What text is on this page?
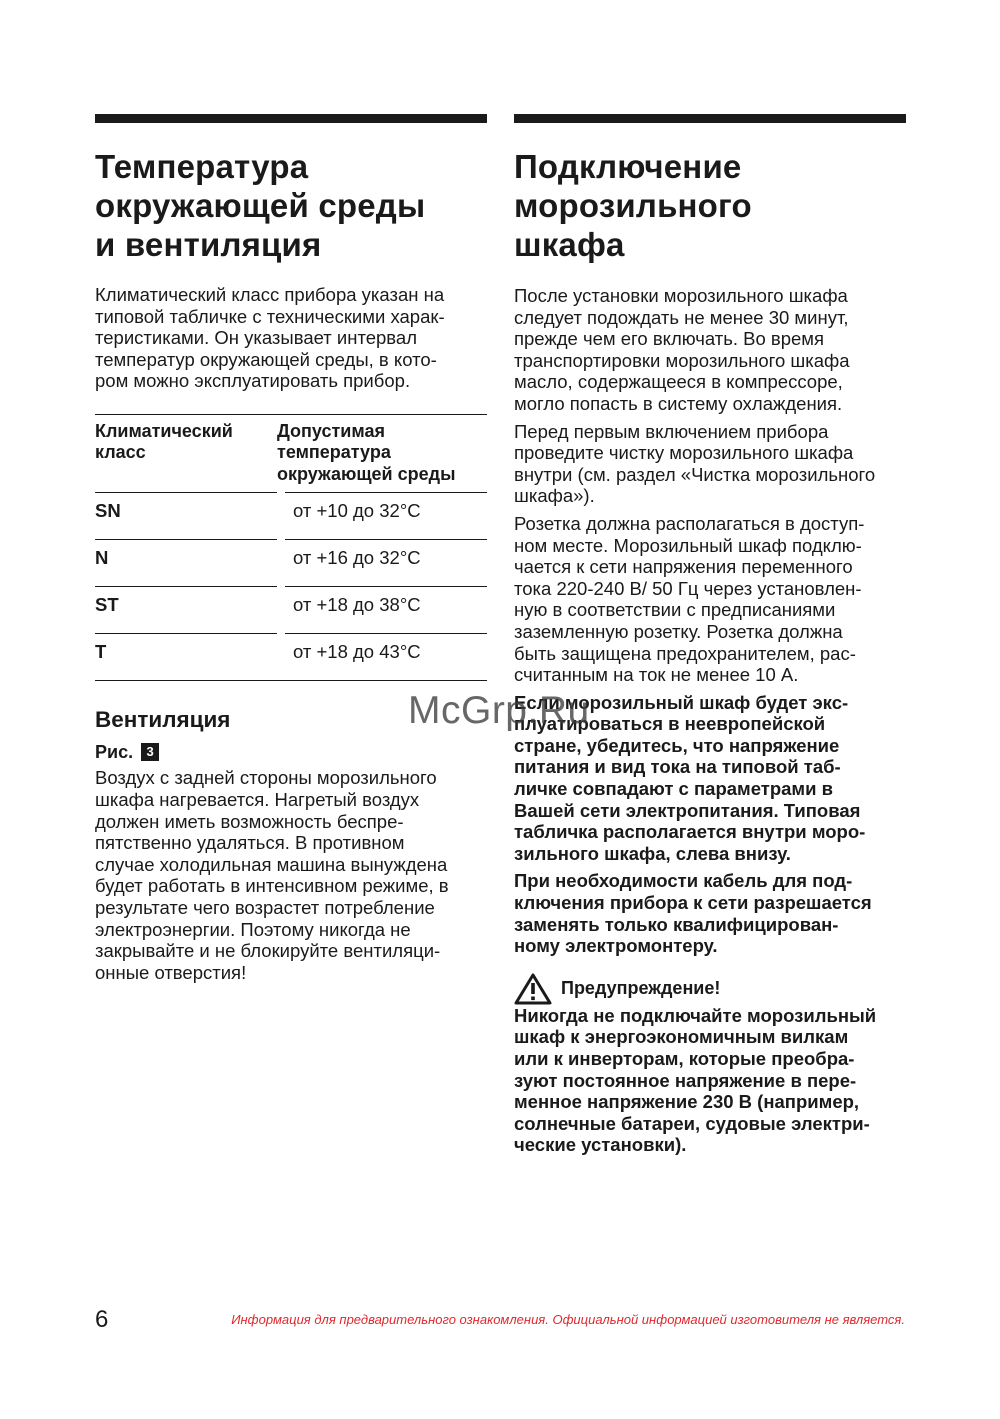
Температура
окружающей среды
и вентиляция

Климатический класс прибора указан на
типовой табличке с техническими харак-
теристиками. Он указывает интервал
температур окружающей среды, в кото-
ром можно эксплуатировать прибор.

Климатический
класс	Допустимая
температура
окружающей среды	
SN		от +10 до 32°C
N		от +16 до 32°C
ST		от +18 до 38°C
T		от +18 до 43°C
Вентиляция
Рис.	3

Воздух с задней стороны морозильного
шкафа нагревается. Нагретый воздух
должен иметь возможность беспре-
пятственно удаляться. В противном
случае холодильная машина вынуждена
будет работать в интенсивном режиме, в
результате чего возрастет потребление
электроэнергии. Поэтому никогда не
закрывайте и не блокируйте вентиляци-
онные отверстия!

Подключение
морозильного
шкафа

После установки морозильного шкафа
следует подождать не менее 30 минут,
прежде чем его включать. Во время
транспортировки морозильного шкафа
масло, содержащееся в компрессоре,
могло попасть в систему охлаждения.

Перед первым включением прибора
проведите чистку морозильного шкафа
внутри (см. раздел «Чистка морозильного
шкафа»).

Розетка должна располагаться в доступ-
ном месте. Морозильный шкаф подклю-
чается к сети напряжения переменного
тока 220-240 В/ 50 Гц через установлен-
ную в соответствии с предписаниями
заземленную розетку. Розетка должна
быть защищена предохранителем, рас-
считанным на ток не менее 10 А.

Если морозильный шкаф будет экс-
плуатироваться в неевропейской
стране, убедитесь, что напряжение
питания и вид тока на типовой таб-
личке совпадают с параметрами в
Вашей сети электропитания. Типовая
табличка располагается внутри моро-
зильного шкафа, слева внизу.

При необходимости кабель для под-
ключения прибора к сети разрешается
заменять только квалифицирован-
ному электромонтеру.

Предупреждение!

Никогда не подключайте морозильный
шкаф к энергоэкономичным вилкам
или к инверторам, которые преобра-
зуют постоянное напряжение в пере-
менное напряжение 230 В (например,
солнечные батареи, судовые электри-
ческие установки).

McGrp.Ru
6	Информация для предварительного ознакомления. Официальной информацией изготовителя не является.
